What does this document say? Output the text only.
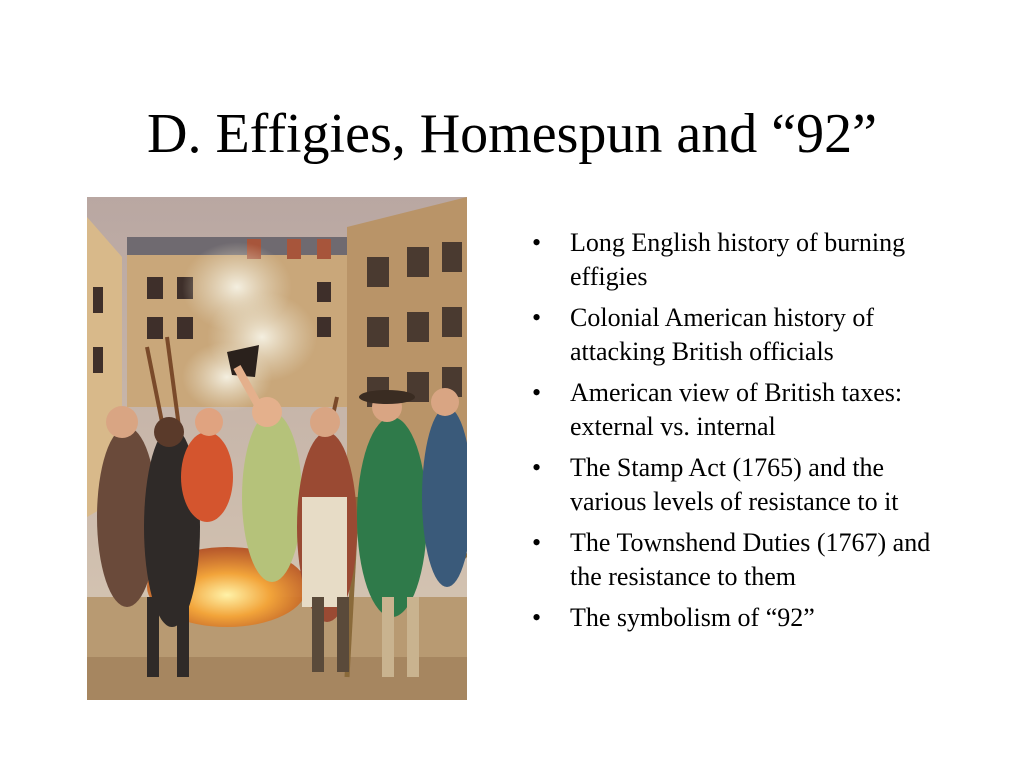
D. Effigies, Homespun and “92”
• Long English history of burning effigies
• Colonial American history of attacking British officials
• American view of British taxes: external vs. internal
• The Stamp Act (1765) and the various levels of resistance to it
• The Townshend Duties (1767) and the resistance to them
• The symbolism of “92”
